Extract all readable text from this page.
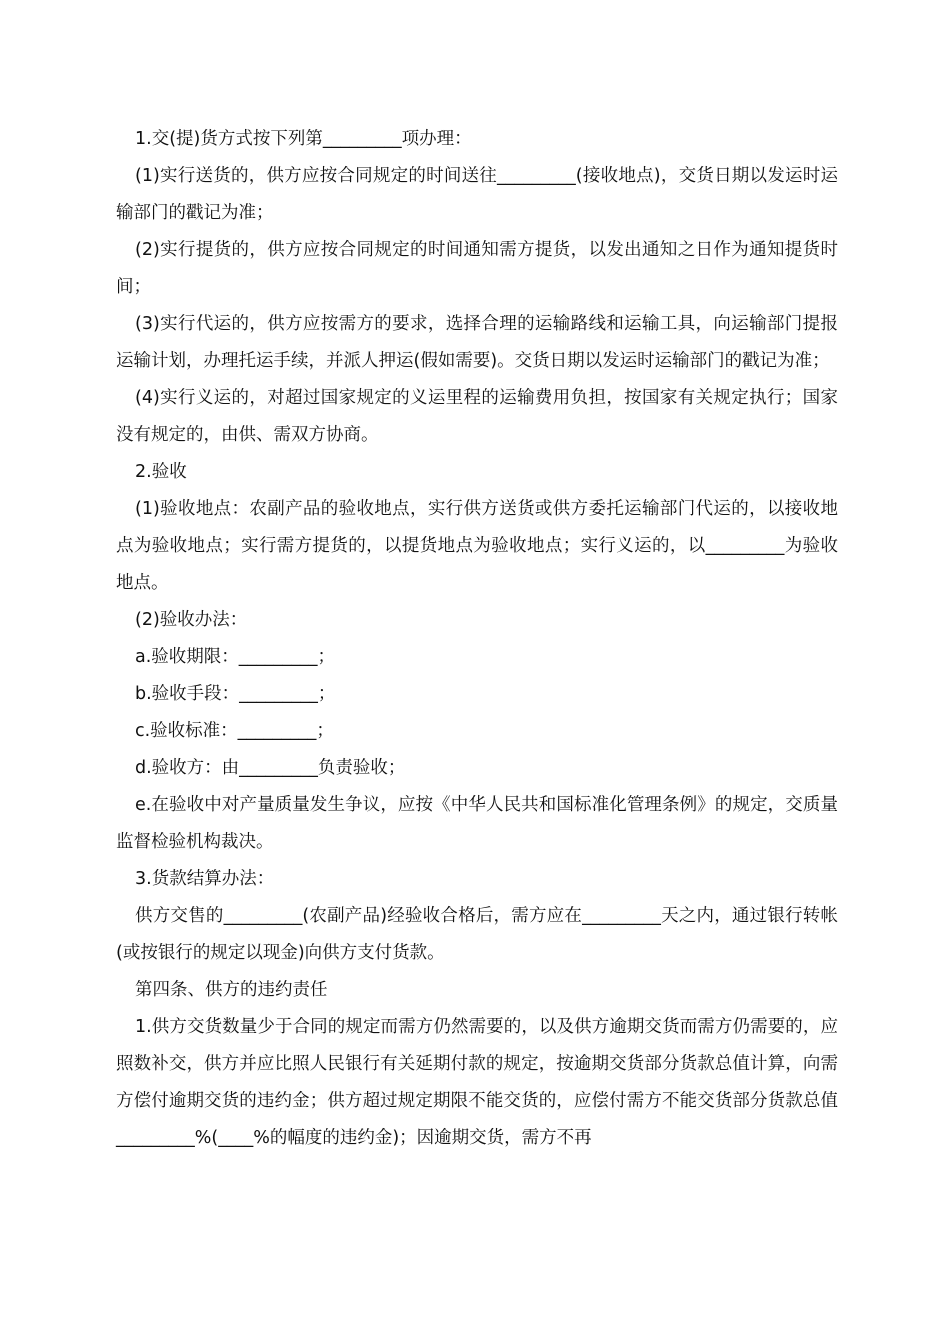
1.交(提)货方式按下列第_________项办理：

(1)实行送货的，供方应按合同规定的时间送往_________(接收地点)，交货日期以发运时运输部门的戳记为准；

(2)实行提货的，供方应按合同规定的时间通知需方提货，以发出通知之日作为通知提货时间；

(3)实行代运的，供方应按需方的要求，选择合理的运输路线和运输工具，向运输部门提报运输计划，办理托运手续，并派人押运(假如需要)。交货日期以发运时运输部门的戳记为准；

(4)实行义运的，对超过国家规定的义运里程的运输费用负担，按国家有关规定执行；国家没有规定的，由供、需双方协商。

2.验收

(1)验收地点：农副产品的验收地点，实行供方送货或供方委托运输部门代运的，以接收地点为验收地点；实行需方提货的，以提货地点为验收地点；实行义运的，以_________为验收地点。

(2)验收办法：

a.验收期限：_________；

b.验收手段：_________；

c.验收标准：_________；

d.验收方：由_________负责验收；

e.在验收中对产量质量发生争议，应按《中华人民共和国标准化管理条例》的规定，交质量监督检验机构裁决。

3.货款结算办法：

供方交售的_________(农副产品)经验收合格后，需方应在_________天之内，通过银行转帐(或按银行的规定以现金)向供方支付货款。

第四条、供方的违约责任

1.供方交货数量少于合同的规定而需方仍然需要的，以及供方逾期交货而需方仍需要的，应照数补交，供方并应比照人民银行有关延期付款的规定，按逾期交货部分货款总值计算，向需方偿付逾期交货的违约金；供方超过规定期限不能交货的，应偿付需方不能交货部分货款总值_________%(____%的幅度的违约金)；因逾期交货，需方不再
